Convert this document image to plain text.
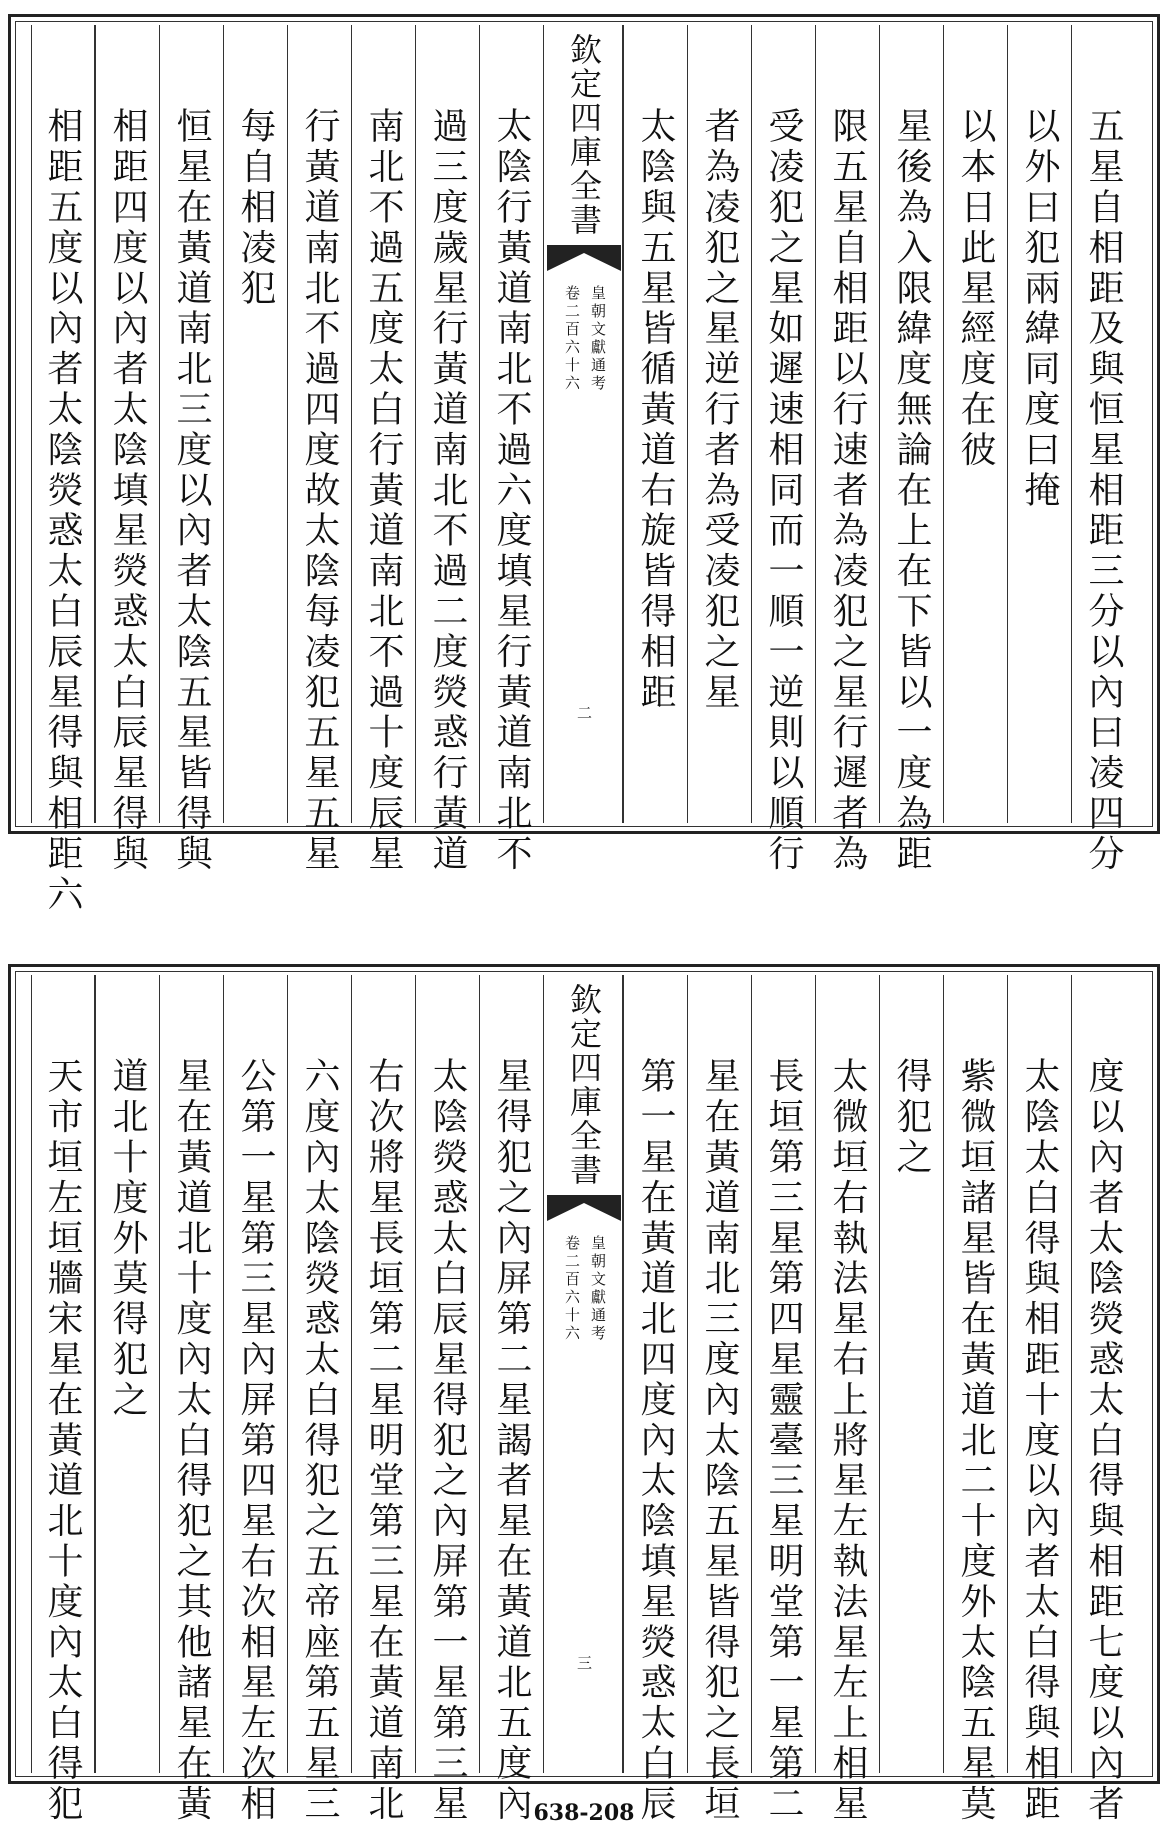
五星自相距及與恒星相距三分以內曰凌四分
以外曰犯兩緯同度曰掩
以本日此星經度在彼
星後為入限緯度無論在上在下皆以一度為距
限五星自相距以行速者為凌犯之星行遲者為
受凌犯之星如遲速相同而一順一逆則以順行
者為凌犯之星逆行者為受凌犯之星
太陰與五星皆循黃道右旋皆得相距
欽定四庫全書
皇朝文獻通考
卷二百六十六
二
太陰行黃道南北不過六度填星行黃道南北不
過三度歲星行黃道南北不過二度熒惑行黃道
南北不過五度太白行黃道南北不過十度辰星
行黃道南北不過四度故太陰每凌犯五星五星
每自相凌犯
恒星在黃道南北三度以內者太陰五星皆得與
相距四度以內者太陰填星熒惑太白辰星得與
相距五度以內者太陰熒惑太白辰星得與相距六
度以內者太陰熒惑太白得與相距七度以內者
太陰太白得與相距十度以內者太白得與相距
紫微垣諸星皆在黃道北二十度外太陰五星莫
得犯之
太微垣右執法星右上將星左執法星左上相星
長垣第三星第四星靈臺三星明堂第一星第二
星在黃道南北三度內太陰五星皆得犯之長垣
第一星在黃道北四度內太陰填星熒惑太白辰
欽定四庫全書
皇朝文獻通考
卷二百六十六
三
星得犯之內屏第二星謁者星在黃道北五度內
太陰熒惑太白辰星得犯之內屏第一星第三星
右次將星長垣第二星明堂第三星在黃道南北
六度內太陰熒惑太白得犯之五帝座第五星三
公第一星第三星內屏第四星右次相星左次相
星在黃道北十度內太白得犯之其他諸星在黃
道北十度外莫得犯之
天市垣左垣牆宋星在黃道北十度內太白得犯	638-208
